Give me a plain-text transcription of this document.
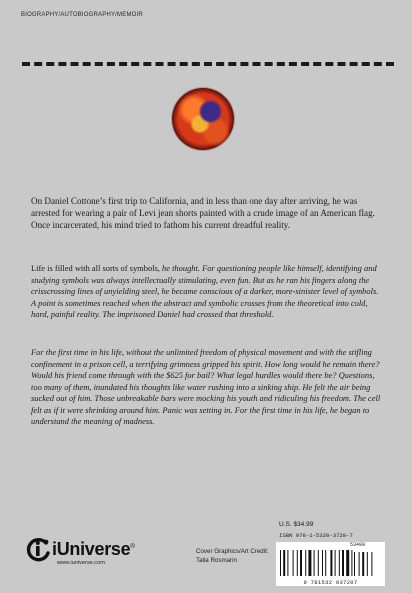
BIOGRAPHY/AUTOBIOGRAPHY/MEMOIR

On Daniel Cottone’s first trip to California, and in less than one day after arriving, he was arrested for wearing a pair of Levi jean shorts painted with a crude image of an American flag. Once incarcerated, his mind tried to fathom his current dreadful reality.

Life is filled with all sorts of symbols, he thought. For questioning people like himself, identifying and studying symbols was always intellectually stimulating, even fun. But as he ran his fingers along the crisscrossing lines of unyielding steel, he became conscious of a darker, more-sinister level of symbols. A point is sometimes reached when the abstract and symbolic crosses from the theoretical into cold, hard, painful reality. The imprisoned Daniel had crossed that threshold.

For the first time in his life, without the unlimited freedom of physical movement and with the stifling confinement in a prison cell, a terrifying grimness gripped his spirit. How long would he remain there? Would his friend come through with the $625 for bail? What legal hurdles would there be? Questions, too many of them, inundated his thoughts like water rushing into a sinking ship. He felt the air being sucked out of him. Those unbreakable bars were mocking his youth and ridiculing his freedom. The cell felt as if it were shrinking around him. Panic was setting in. For the first time in his life, he began to understand the meaning of madness.

iUniverse®
www.iuniverse.com
Cover Graphics/Art Credit:
Talia Rosmarin
U.S. $34.99
ISBN 978-1-5320-3720-7
53499
9 781532 037207
